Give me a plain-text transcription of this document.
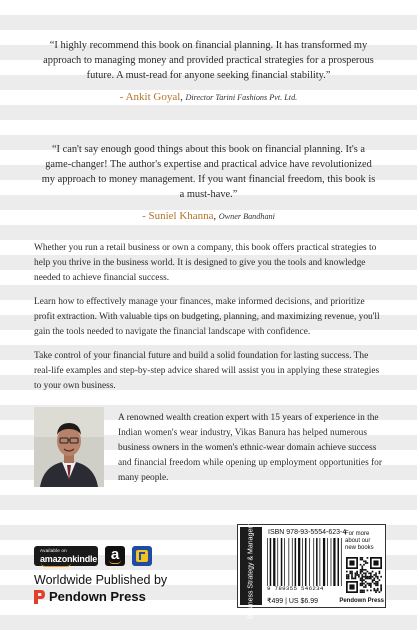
“I highly recommend this book on financial planning. It has transformed my approach to managing money and provided practical strategies for a prosperous future. A must-read for anyone seeking financial stability.”

- Ankit Goyal, Director Tarini Fashions Pvt. Ltd.

“I can't say enough good things about this book on financial planning. It's a game-changer! The author's expertise and practical advice have revolutionized my approach to money management. If you want financial freedom, this book is a must-have.”

- Suniel Khanna, Owner Bandhani

Whether you run a retail business or own a company, this book offers practical strategies to help you thrive in the business world. It is designed to give you the tools and knowledge needed to achieve financial success.

Learn how to effectively manage your finances, make informed decisions, and prioritize profit extraction. With valuable tips on budgeting, planning, and maximizing revenue, you'll gain the tools needed to navigate the financial landscape with confidence.

Take control of your financial future and build a solid foundation for lasting success. The real-life examples and step-by-step advice shared will assist you in applying these strategies to your own business.

A renowned wealth creation expert with 15 years of experience in the Indian women's wear industry, Vikas Banura has helped numerous business owners in the women's ethnic-wear domain achieve success and financial freedom while opening up employment opportunities for many people.

Available on
amazonkindle a
Worldwide Published by
Pendown Press	Business Strategy & Management ISBN 978-93-5554-623-4
9 789355 546234
For more about our new books
₹499 | US $6.99	Pendown Press
